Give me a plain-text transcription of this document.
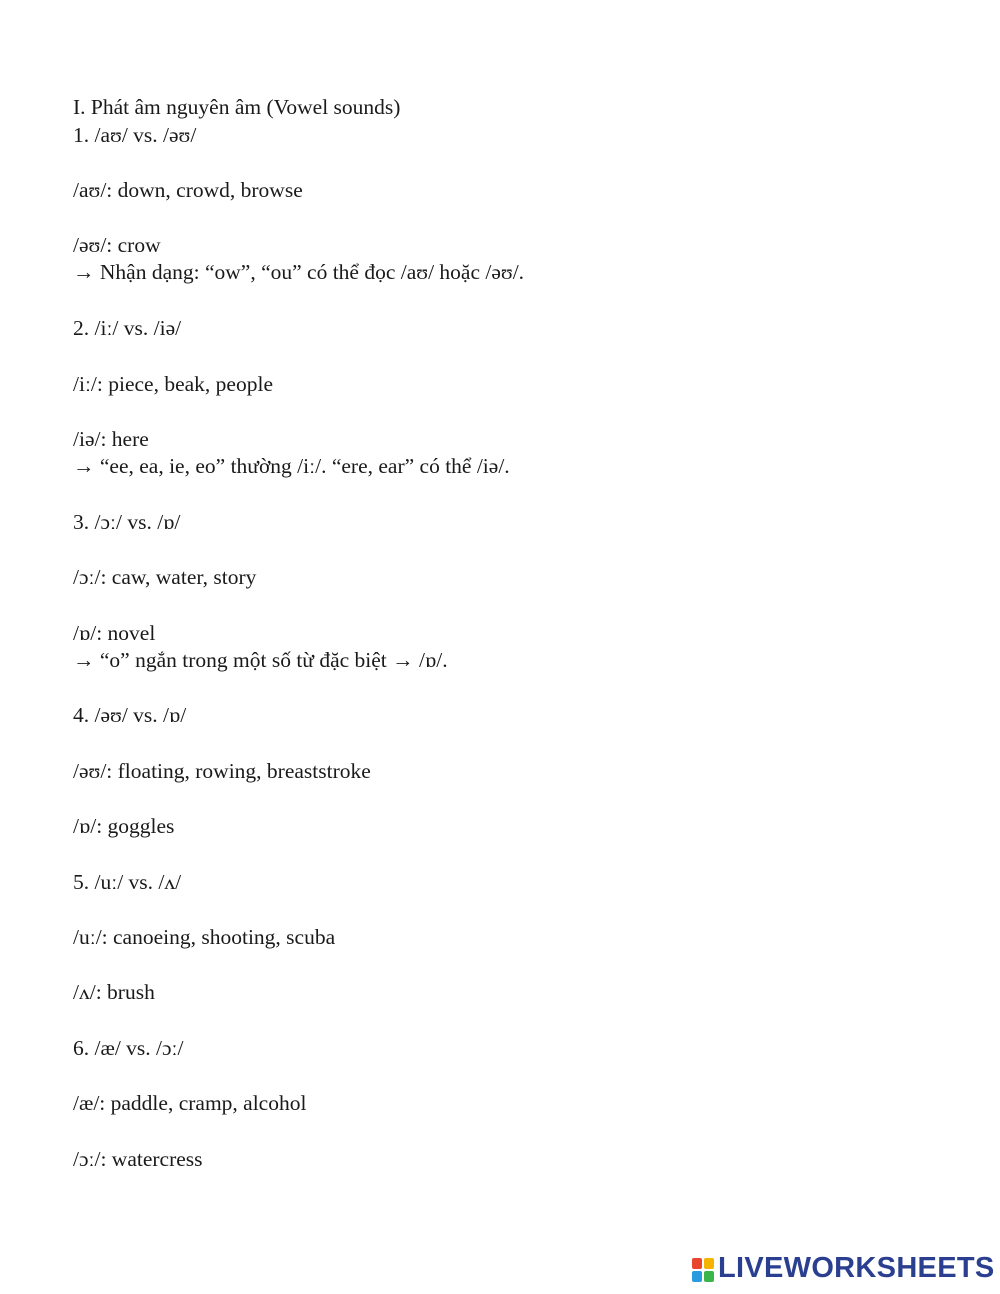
I. Phát âm nguyên âm (Vowel sounds)
1. /aʊ/ vs. /əʊ/
/aʊ/: down, crowd, browse
/əʊ/: crow
→ Nhận dạng: “ow”, “ou” có thể đọc /aʊ/ hoặc /əʊ/.
2. /iː/ vs. /iə/
/iː/: piece, beak, people
/iə/: here
→ “ee, ea, ie, eo” thường /iː/. “ere, ear” có thể /iə/.
3. /ɔː/ vs. /ɒ/
/ɔː/: caw, water, story
/ɒ/: novel
→ “o” ngắn trong một số từ đặc biệt → /ɒ/.
4. /əʊ/ vs. /ɒ/
/əʊ/: floating, rowing, breaststroke
/ɒ/: goggles
5. /uː/ vs. /ʌ/
/uː/: canoeing, shooting, scuba
/ʌ/: brush
6. /æ/ vs. /ɔː/
/æ/: paddle, cramp, alcohol
/ɔː/: watercress
LIVEWORKSHEETS
